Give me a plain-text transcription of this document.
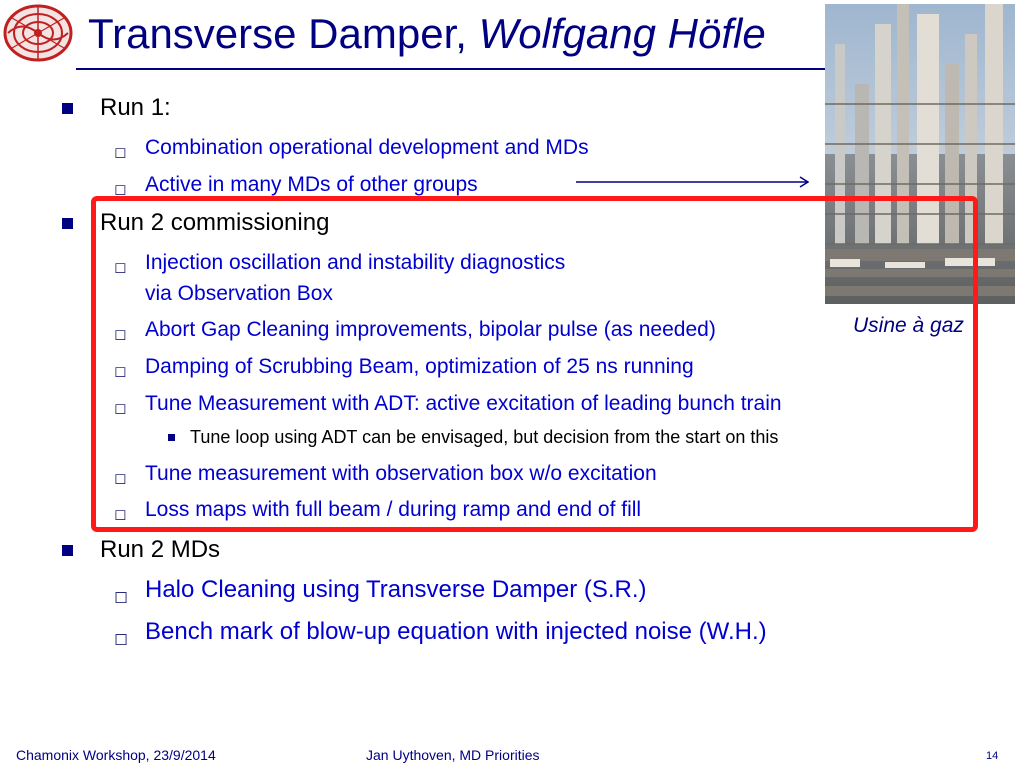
Transverse Damper, Wolfgang Höfle
Usine à gaz
Run 1:
◻ Combination operational development and MDs
◻ Active in many MDs of other groups
Run 2 commissioning
◻ Injection oscillation and instability diagnostics
via Observation Box
◻ Abort Gap Cleaning improvements, bipolar pulse (as needed)
◻ Damping of Scrubbing Beam, optimization of 25 ns running
◻ Tune Measurement with ADT: active excitation of leading bunch train
Tune loop using ADT can be envisaged, but decision from the start on this
◻ Tune measurement with observation box w/o excitation
◻ Loss maps with full beam / during ramp and end of fill
Run 2 MDs
◻ Halo Cleaning using Transverse Damper (S.R.)
◻ Bench mark of blow-up equation with injected noise (W.H.)
Chamonix Workshop, 23/9/2014	Jan Uythoven, MD Priorities	14
